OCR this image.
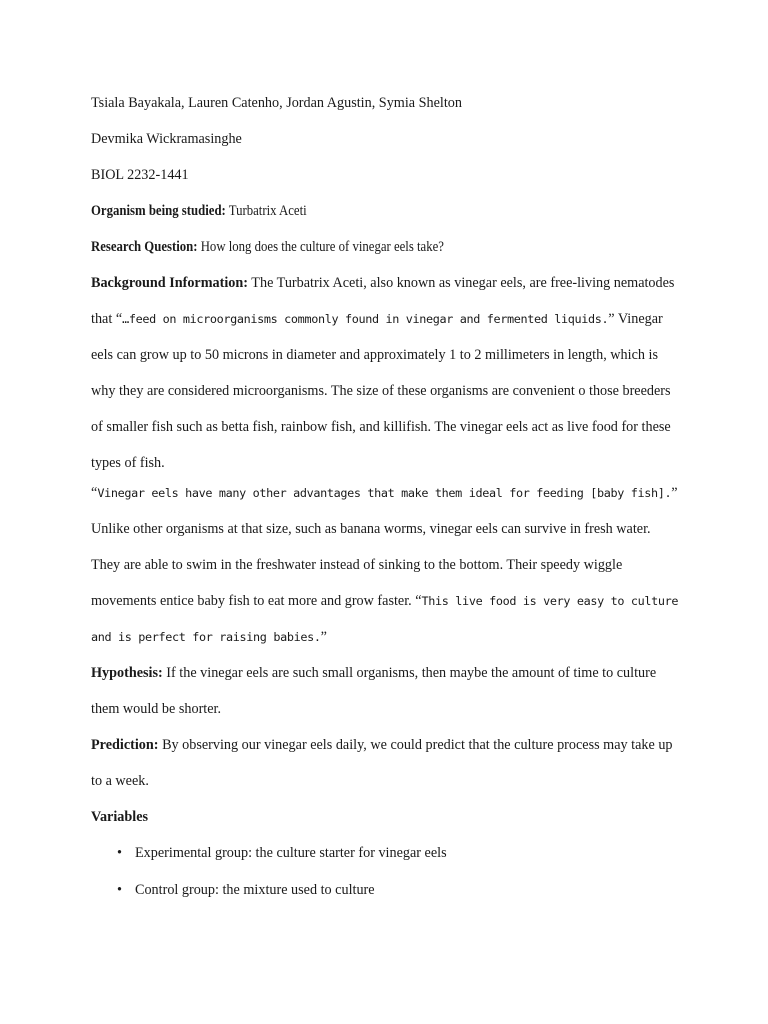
Tsiala Bayakala, Lauren Catenho, Jordan Agustin, Symia Shelton
Devmika Wickramasinghe
BIOL 2232-1441
Organism being studied: Turbatrix Aceti
Research Question: How long does the culture of vinegar eels take?

Background Information: The Turbatrix Aceti, also known as vinegar eels, are free-living nematodes that “…feed on microorganisms commonly found in vinegar and fermented liquids.” Vinegar eels can grow up to 50 microns in diameter and approximately 1 to 2 millimeters in length, which is why they are considered microorganisms. The size of these organisms are convenient o those breeders of smaller fish such as betta fish, rainbow fish, and killifish. The vinegar eels act as live food for these types of fish.

“Vinegar eels have many other advantages that make them ideal for feeding [baby fish].” Unlike other organisms at that size, such as banana worms, vinegar eels can survive in fresh water. They are able to swim in the freshwater instead of sinking to the bottom. Their speedy wiggle movements entice baby fish to eat more and grow faster. “This live food is very easy to culture and is perfect for raising babies.”

Hypothesis: If the vinegar eels are such small organisms, then maybe the amount of time to culture them would be shorter.

Prediction: By observing our vinegar eels daily, we could predict that the culture process may take up to a week.

Variables
• Experimental group: the culture starter for vinegar eels
• Control group: the mixture used to culture
